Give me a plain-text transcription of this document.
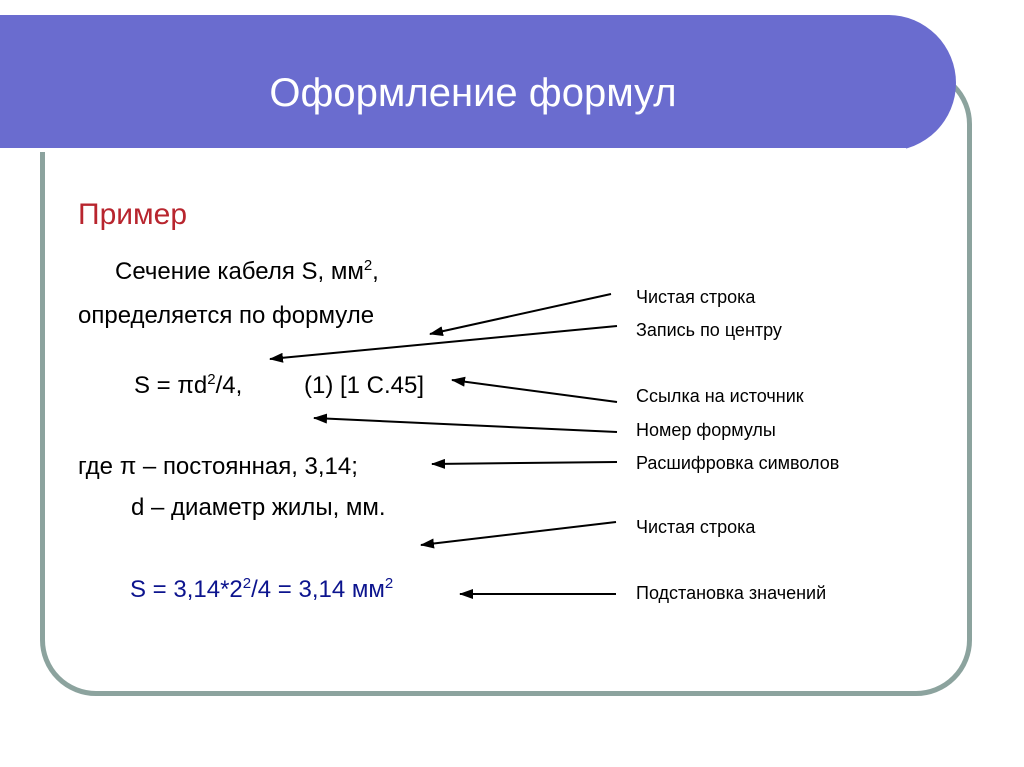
Оформление формул
Пример
Сечение кабеля S, $мм^2$,
определяется по формуле
$S = \pi d^2/4$,	(1) [1 С.45]
где π – постоянная, 3,14;
d – диаметр жилы, мм.
$S = 3,14*2^2/4 = 3,14$ $мм^2$
Чистая строка
Запись по центру
Ссылка на источник
Номер формулы
Расшифровка символов
Чистая строка
Подстановка значений
